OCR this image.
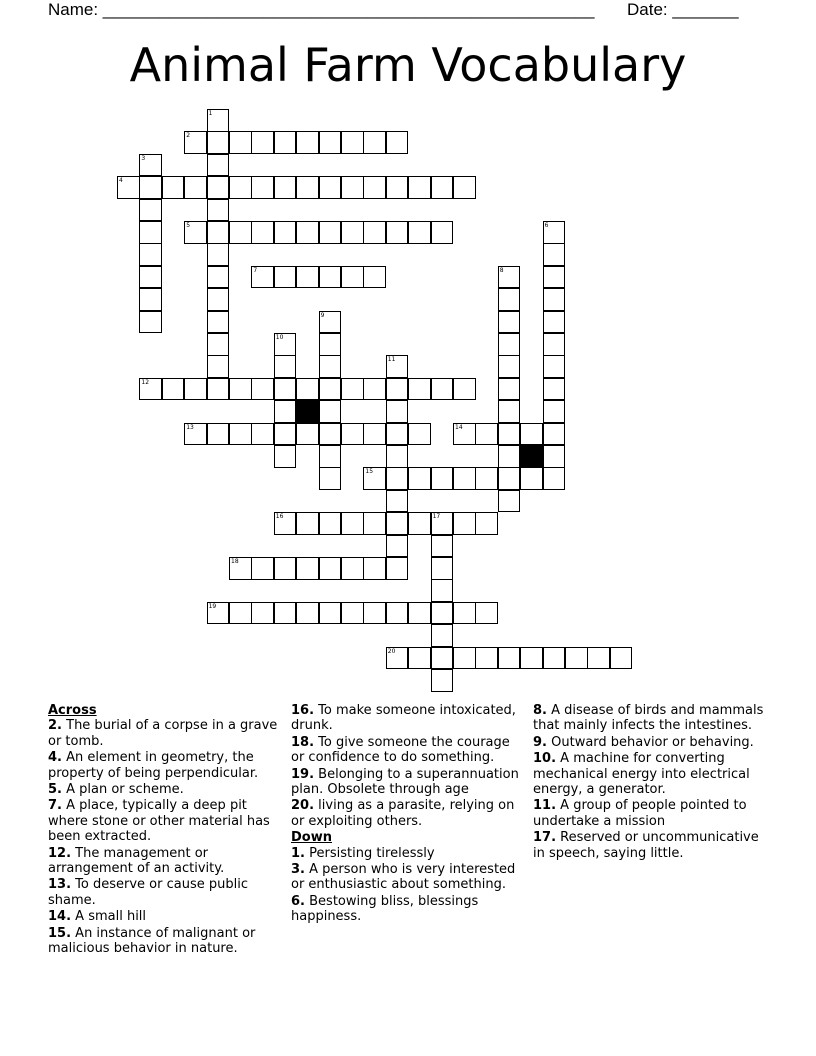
Name: ____________________________________________________ Date: _______
Animal Farm Vocabulary
1
2
3
4
5	6
7	8
9
10
11
12
13	14
15
16	17
18
19
20
Across
2. The burial of a corpse in a grave or tomb.
4. An element in geometry, the property of being perpendicular.
5. A plan or scheme.
7. A place, typically a deep pit where stone or other material has been extracted.
12. The management or arrangement of an activity.
13. To deserve or cause public shame.
14. A small hill
15. An instance of malignant or malicious behavior in nature.
16. To make someone intoxicated, drunk.
18. To give someone the courage or confidence to do something.
19. Belonging to a superannuation plan. Obsolete through age
20. living as a parasite, relying on or exploiting others.
Down
1. Persisting tirelessly
3. A person who is very interested or enthusiastic about something.
6. Bestowing bliss, blessings happiness.
8. A disease of birds and mammals that mainly infects the intestines.
9. Outward behavior or behaving.
10. A machine for converting mechanical energy into electrical energy, a generator.
11. A group of people pointed to undertake a mission
17. Reserved or uncommunicative in speech, saying little.
